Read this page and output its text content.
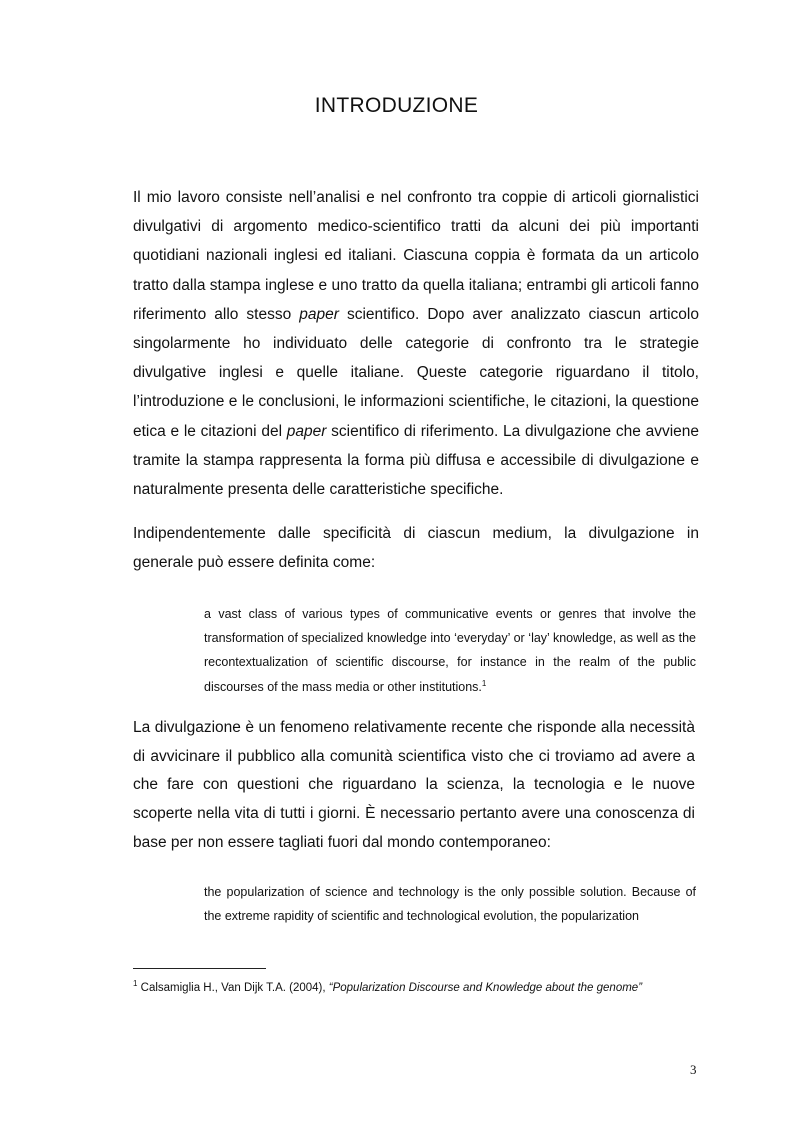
INTRODUZIONE

Il mio lavoro consiste nell’analisi e nel confronto tra coppie di articoli giornalistici divulgativi di argomento medico-scientifico tratti da alcuni dei più importanti quotidiani nazionali inglesi ed italiani. Ciascuna coppia è formata da un articolo tratto dalla stampa inglese e uno tratto da quella italiana; entrambi gli articoli fanno riferimento allo stesso paper scientifico. Dopo aver analizzato ciascun articolo singolarmente ho individuato delle categorie di confronto tra le strategie divulgative inglesi e quelle italiane. Queste categorie riguardano il titolo, l’introduzione e le conclusioni, le informazioni scientifiche, le citazioni, la questione etica e le citazioni del paper scientifico di riferimento. La divulgazione che avviene tramite la stampa rappresenta la forma più diffusa e accessibile di divulgazione e naturalmente presenta delle caratteristiche specifiche.

Indipendentemente dalle specificità di ciascun medium, la divulgazione in generale può essere definita come:

a vast class of various types of communicative events or genres that involve the transformation of specialized knowledge into ‘everyday’ or ‘lay’ knowledge, as well as the recontextualization of scientific discourse, for instance in the realm of the public discourses of the mass media or other institutions.$^1$

La divulgazione è un fenomeno relativamente recente che risponde alla necessità di avvicinare il pubblico alla comunità scientifica visto che ci troviamo ad avere a che fare con questioni che riguardano la scienza, la tecnologia e le nuove scoperte nella vita di tutti i giorni. È necessario pertanto avere una conoscenza di base per non essere tagliati fuori dal mondo contemporaneo:

the popularization of science and technology is the only possible solution. Because of the extreme rapidity of scientific and technological evolution, the popularization

$^1$ Calsamiglia H., Van Dijk T.A. (2004), “Popularization Discourse and Knowledge about the genome”

3
